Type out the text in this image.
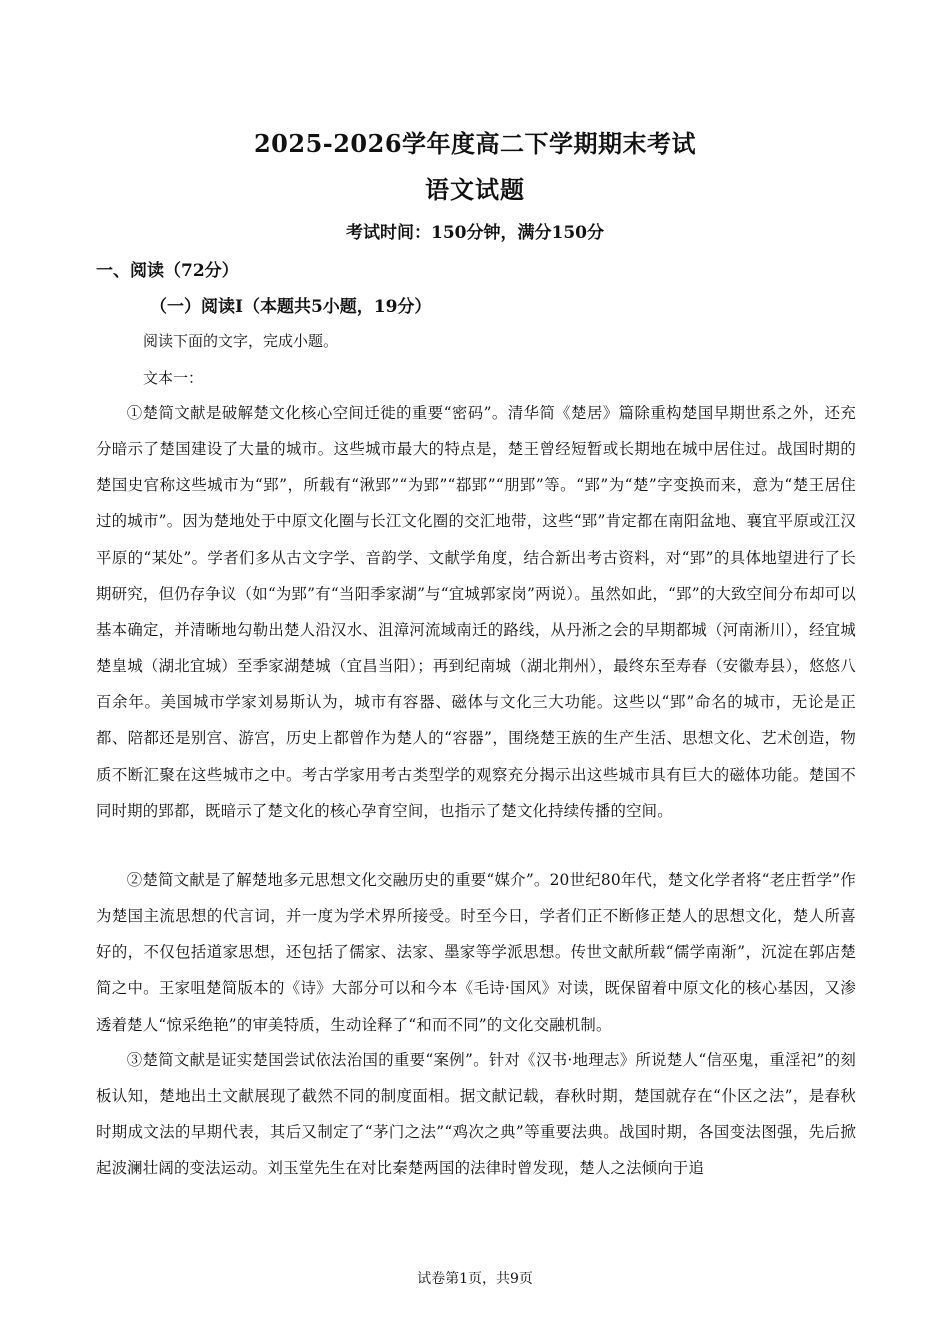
2025-2026学年度高二下学期期末考试
语文试题

考试时间：150分钟，满分150分

一、阅读（72分）

（一）阅读Ⅰ（本题共5小题，19分）

阅读下面的文字，完成小题。

文本一：

①楚简文献是破解楚文化核心空间迁徙的重要“密码”。清华简《楚居》篇除重构楚国早期世系之外，还充分暗示了楚国建设了大量的城市。这些城市最大的特点是，楚王曾经短暂或长期地在城中居住过。战国时期的楚国史官称这些城市为“郢”，所载有“湫郢”“为郢”“鄀郢”“朋郢”等。“郢”为“楚”字变换而来，意为“楚王居住过的城市”。因为楚地处于中原文化圈与长江文化圈的交汇地带，这些“郢”肯定都在南阳盆地、襄宜平原或江汉平原的“某处”。学者们多从古文字学、音韵学、文献学角度，结合新出考古资料，对“郢”的具体地望进行了长期研究，但仍存争议（如“为郢”有“当阳季家湖”与“宜城郭家岗”两说）。虽然如此，“郢”的大致空间分布却可以基本确定，并清晰地勾勒出楚人沿汉水、沮漳河流域南迁的路线，从丹淅之会的早期都城（河南淅川），经宜城楚皇城（湖北宜城）至季家湖楚城（宜昌当阳）；再到纪南城（湖北荆州），最终东至寿春（安徽寿县），悠悠八百余年。美国城市学家刘易斯认为，城市有容器、磁体与文化三大功能。这些以“郢”命名的城市，无论是正都、陪都还是别宫、游宫，历史上都曾作为楚人的“容器”，围绕楚王族的生产生活、思想文化、艺术创造，物质不断汇聚在这些城市之中。考古学家用考古类型学的观察充分揭示出这些城市具有巨大的磁体功能。楚国不同时期的郢都，既暗示了楚文化的核心孕育空间，也指示了楚文化持续传播的空间。

②楚简文献是了解楚地多元思想文化交融历史的重要“媒介”。20世纪80年代，楚文化学者将“老庄哲学”作为楚国主流思想的代言词，并一度为学术界所接受。时至今日，学者们正不断修正楚人的思想文化，楚人所喜好的，不仅包括道家思想，还包括了儒家、法家、墨家等学派思想。传世文献所载“儒学南渐”，沉淀在郭店楚简之中。王家咀楚简版本的《诗》大部分可以和今本《毛诗·国风》对读，既保留着中原文化的核心基因，又渗透着楚人“惊采绝艳”的审美特质，生动诠释了“和而不同”的文化交融机制。

③楚简文献是证实楚国尝试依法治国的重要“案例”。针对《汉书·地理志》所说楚人“信巫鬼，重淫祀”的刻板认知，楚地出土文献展现了截然不同的制度面相。据文献记载，春秋时期，楚国就存在“仆区之法”，是春秋时期成文法的早期代表，其后又制定了“茅门之法”“鸡次之典”等重要法典。战国时期，各国变法图强，先后掀起波澜壮阔的变法运动。刘玉堂先生在对比秦楚两国的法律时曾发现，楚人之法倾向于追

试卷第1页，共9页
